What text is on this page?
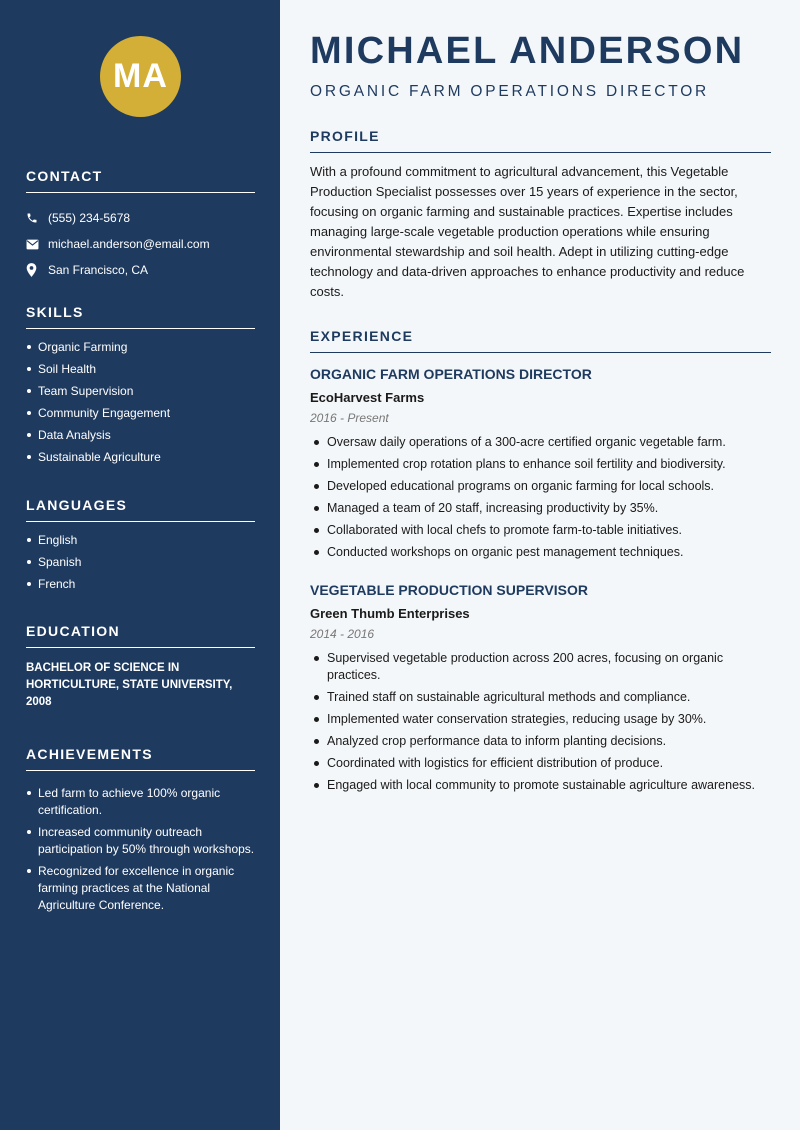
MA
CONTACT
(555) 234-5678
michael.anderson@email.com
San Francisco, CA
SKILLS
Organic Farming
Soil Health
Team Supervision
Community Engagement
Data Analysis
Sustainable Agriculture
LANGUAGES
English
Spanish
French
EDUCATION
BACHELOR OF SCIENCE IN HORTICULTURE, STATE UNIVERSITY, 2008
ACHIEVEMENTS
Led farm to achieve 100% organic certification.
Increased community outreach participation by 50% through workshops.
Recognized for excellence in organic farming practices at the National Agriculture Conference.
MICHAEL ANDERSON
ORGANIC FARM OPERATIONS DIRECTOR
PROFILE

With a profound commitment to agricultural advancement, this Vegetable Production Specialist possesses over 15 years of experience in the sector, focusing on organic farming and sustainable practices. Expertise includes managing large-scale vegetable production operations while ensuring environmental stewardship and soil health. Adept in utilizing cutting-edge technology and data-driven approaches to enhance productivity and reduce costs.

EXPERIENCE
ORGANIC FARM OPERATIONS DIRECTOR
EcoHarvest Farms
2016 - Present
Oversaw daily operations of a 300-acre certified organic vegetable farm.
Implemented crop rotation plans to enhance soil fertility and biodiversity.
Developed educational programs on organic farming for local schools.
Managed a team of 20 staff, increasing productivity by 35%.
Collaborated with local chefs to promote farm-to-table initiatives.
Conducted workshops on organic pest management techniques.
VEGETABLE PRODUCTION SUPERVISOR
Green Thumb Enterprises
2014 - 2016
Supervised vegetable production across 200 acres, focusing on organic practices.
Trained staff on sustainable agricultural methods and compliance.
Implemented water conservation strategies, reducing usage by 30%.
Analyzed crop performance data to inform planting decisions.
Coordinated with logistics for efficient distribution of produce.
Engaged with local community to promote sustainable agriculture awareness.
